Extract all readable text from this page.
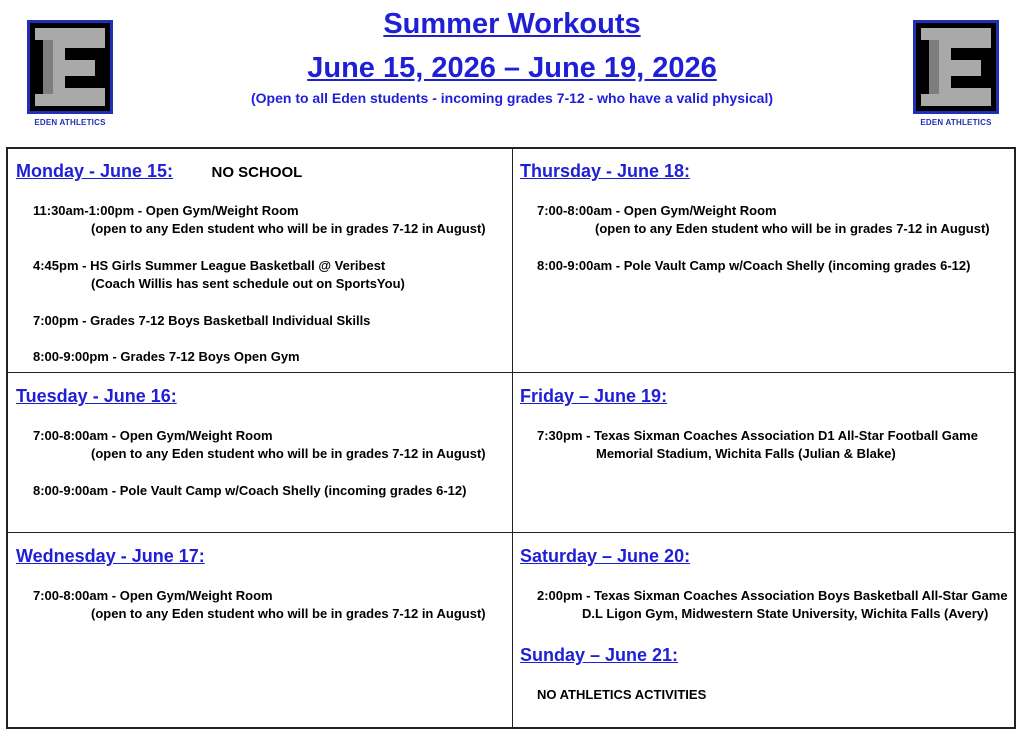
EDEN ATHLETICS	EDEN ATHLETICS
Summer Workouts
June 15, 2026 – June 19, 2026
(Open to all Eden students - incoming grades 7-12 - who have a valid physical)
Monday - June 15:	NO SCHOOL
11:30am-1:00pm - Open Gym/Weight Room
(open to any Eden student who will be in grades 7-12 in August)
4:45pm - HS Girls Summer League Basketball @ Veribest
(Coach Willis has sent schedule out on SportsYou)
7:00pm - Grades 7-12 Boys Basketball Individual Skills
8:00-9:00pm - Grades 7-12 Boys Open Gym
Thursday - June 18:
7:00-8:00am - Open Gym/Weight Room
(open to any Eden student who will be in grades 7-12 in August)
8:00-9:00am - Pole Vault Camp w/Coach Shelly (incoming grades 6-12)
Tuesday - June 16:
7:00-8:00am - Open Gym/Weight Room
(open to any Eden student who will be in grades 7-12 in August)
8:00-9:00am - Pole Vault Camp w/Coach Shelly (incoming grades 6-12)
Friday – June 19:
7:30pm - Texas Sixman Coaches Association D1 All-Star Football Game
Memorial Stadium, Wichita Falls (Julian & Blake)
Wednesday - June 17:
7:00-8:00am - Open Gym/Weight Room
(open to any Eden student who will be in grades 7-12 in August)
Saturday – June 20:
2:00pm - Texas Sixman Coaches Association Boys Basketball All-Star Game
D.L Ligon Gym, Midwestern State University, Wichita Falls (Avery)
Sunday – June 21:
NO ATHLETICS ACTIVITIES
